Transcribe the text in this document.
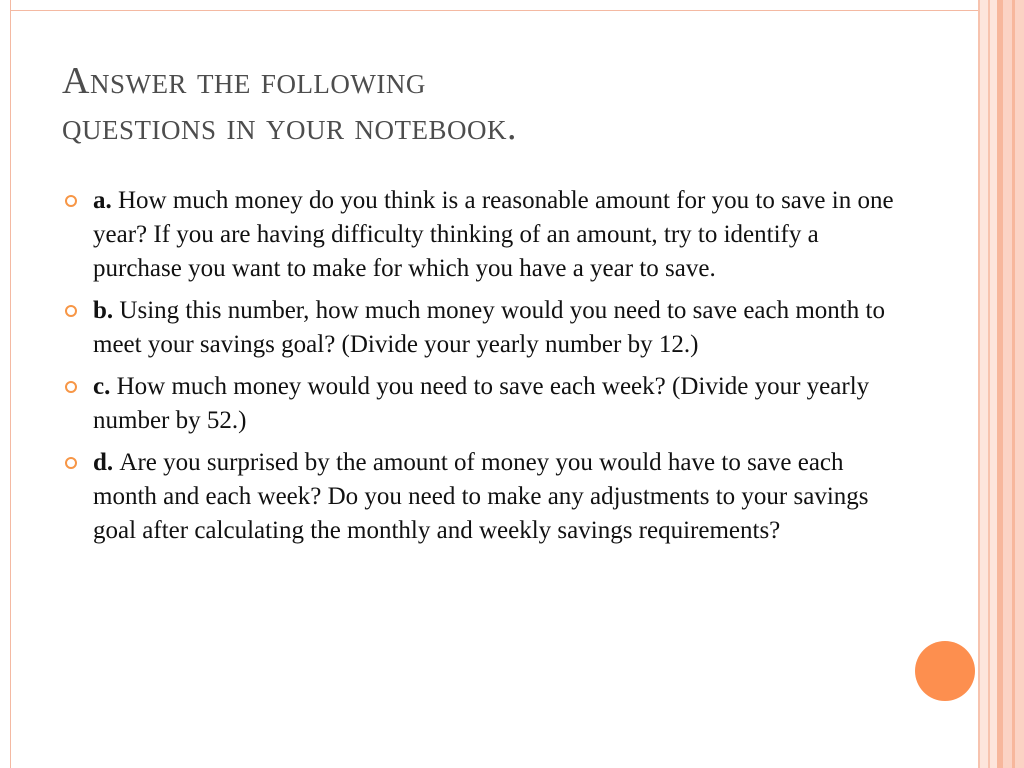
Answer the following
questions in your notebook.
a. How much money do you think is a reasonable amount for you to save in one year? If you are having difficulty thinking of an amount, try to identify a purchase you want to make for which you have a year to save.
b. Using this number, how much money would you need to save each month to meet your savings goal? (Divide your yearly number by 12.)
c. How much money would you need to save each week? (Divide your yearly number by 52.)
d. Are you surprised by the amount of money you would have to save each month and each week? Do you need to make any adjustments to your savings goal after calculating the monthly and weekly savings requirements?
